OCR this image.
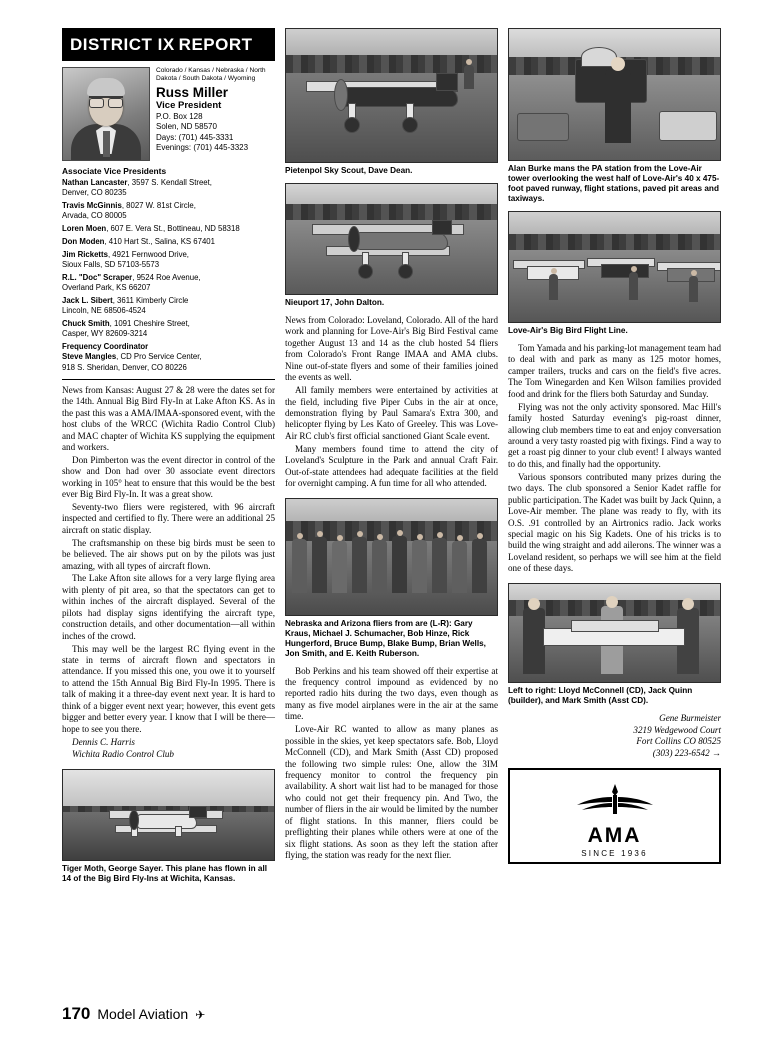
DISTRICT IX REPORT
Colorado / Kansas / Nebraska / North Dakota / South Dakota / Wyoming
Russ Miller
Vice President
P.O. Box 128
Solen, ND 58570
Days: (701) 445-3331
Evenings: (701) 445-3323
Associate Vice Presidents
Nathan Lancaster, 3597 S. Kendall Street,
Denver, CO 80235
Travis McGinnis, 8027 W. 81st Circle,
Arvada, CO 80005
Loren Moen, 607 E. Vera St., Bottineau, ND 58318
Don Moden, 410 Hart St., Salina, KS 67401
Jim Ricketts, 4921 Fernwood Drive,
Sioux Falls, SD 57103-5573
R.L. "Doc" Scraper, 9524 Roe Avenue,
Overland Park, KS 66207
Jack L. Sibert, 3611 Kimberly Circle
Lincoln, NE 68506-4524
Chuck Smith, 1091 Cheshire Street,
Casper, WY 82609-3214
Frequency Coordinator
Steve Mangles, CD Pro Service Center,
918 S. Sheridan, Denver, CO 80226

News from Kansas: August 27 & 28 were the dates set for the 14th. Annual Big Bird Fly-In at Lake Afton KS. As in the past this was a AMA/IMAA-sponsored event, with the host clubs of the WRCC (Wichita Radio Control Club) and MAC chapter of Wichita KS supplying the equipment and workers.

Don Pimberton was the event director in control of the show and Don had over 30 associate event directors working in 105° heat to ensure that this would be the best ever Big Bird Fly-In. It was a great show.

Seventy-two fliers were registered, with 96 aircraft inspected and certified to fly. There were an additional 25 aircraft on static display.

The craftsmanship on these big birds must be seen to be believed. The air shows put on by the pilots was just amazing, with all types of aircraft flown.

The Lake Afton site allows for a very large flying area with plenty of pit area, so that the spectators can get to within inches of the aircraft displayed. Several of the pilots had display signs identifying the aircraft type, construction details, and other documentation—all within inches of the crowd.

This may well be the largest RC flying event in the state in terms of aircraft flown and spectators in attendance. If you missed this one, you owe it to yourself to attend the 15th Annual Big Bird Fly-In 1995. There is talk of making it a three-day event next year. It is hard to think of a bigger event next year; however, this event gets bigger and better every year. I know that I will be there—hope to see you there.

Dennis C. Harris

Wichita Radio Control Club

Tiger Moth, George Sayer. This plane has flown in all 14 of the Big Bird Fly-Ins at Wichita, Kansas.
Pietenpol Sky Scout, Dave Dean.
Nieuport 17, John Dalton.

News from Colorado: Loveland, Colorado. All of the hard work and planning for Love-Air's Big Bird Festival came together August 13 and 14 as the club hosted 54 fliers from Colorado's Front Range IMAA and AMA clubs. Nine out-of-state flyers and some of their families joined the events as well.

All family members were entertained by activities at the field, including five Piper Cubs in the air at once, demonstration flying by Paul Samara's Extra 300, and helicopter flying by Les Kato of Greeley. This was Love-Air RC club's first official sanctioned Giant Scale event.

Many members found time to attend the city of Loveland's Sculpture in the Park and annual Craft Fair. Out-of-state attendees had adequate facilities at the field for overnight camping. A fun time for all who attended.

Nebraska and Arizona fliers from are (L-R): Gary Kraus, Michael J. Schumacher, Bob Hinze, Rick Hungerford, Bruce Bump, Blake Bump, Brian Wells, Jon Smith, and E. Keith Ruberson.

Bob Perkins and his team showed off their expertise at the frequency control impound as evidenced by no reported radio hits during the two days, even though as many as five model airplanes were in the air at the same time.

Love-Air RC wanted to allow as many planes as possible in the skies, yet keep spectators safe. Bob, Lloyd McConnell (CD), and Mark Smith (Asst CD) proposed the following two simple rules: One, allow the 3IM frequency monitor to control the frequency pin availability. A short wait list had to be managed for those who could not get their frequency pin. And Two, the number of fliers in the air would be limited by the number of flight stations. In this manner, fliers could be preflighting their planes while others were at one of the six flight stations. As soon as they left the station after flying, the station was ready for the next flier.

Alan Burke mans the PA station from the Love-Air tower overlooking the west half of Love-Air's 40 x 475-foot paved runway, flight stations, paved pit areas and taxiways.
Love-Air's Big Bird Flight Line.

Tom Yamada and his parking-lot management team had to deal with and park as many as 125 motor homes, camper trailers, trucks and cars on the field's five acres. The Tom Winegarden and Ken Wilson families provided food and drink for the fliers both Saturday and Sunday.

Flying was not the only activity sponsored. Mac Hill's family hosted Saturday evening's pig-roast dinner, allowing club members time to eat and enjoy conversation around a very tasty roasted pig with fixings. Find a way to get a roast pig dinner to your club event! I always wanted to do this, and finally had the opportunity.

Various sponsors contributed many prizes during the two days. The club sponsored a Senior Kadet raffle for public participation. The Kadet was built by Jack Quinn, a Love-Air member. The plane was ready to fly, with its O.S. .91 controlled by an Airtronics radio. Jack works special magic on his Sig Kadets. One of his tricks is to build the wing straight and add ailerons. The winner was a Loveland resident, so perhaps we will see him at the field one of these days.

Left to right: Lloyd McConnell (CD), Jack Quinn (builder), and Mark Smith (Asst CD).
Gene Burmeister
3219 Wedgewood Court
Fort Collins CO 80525
(303) 223-6542 →
AMA
SINCE 1936
170 Model Aviation ✈
